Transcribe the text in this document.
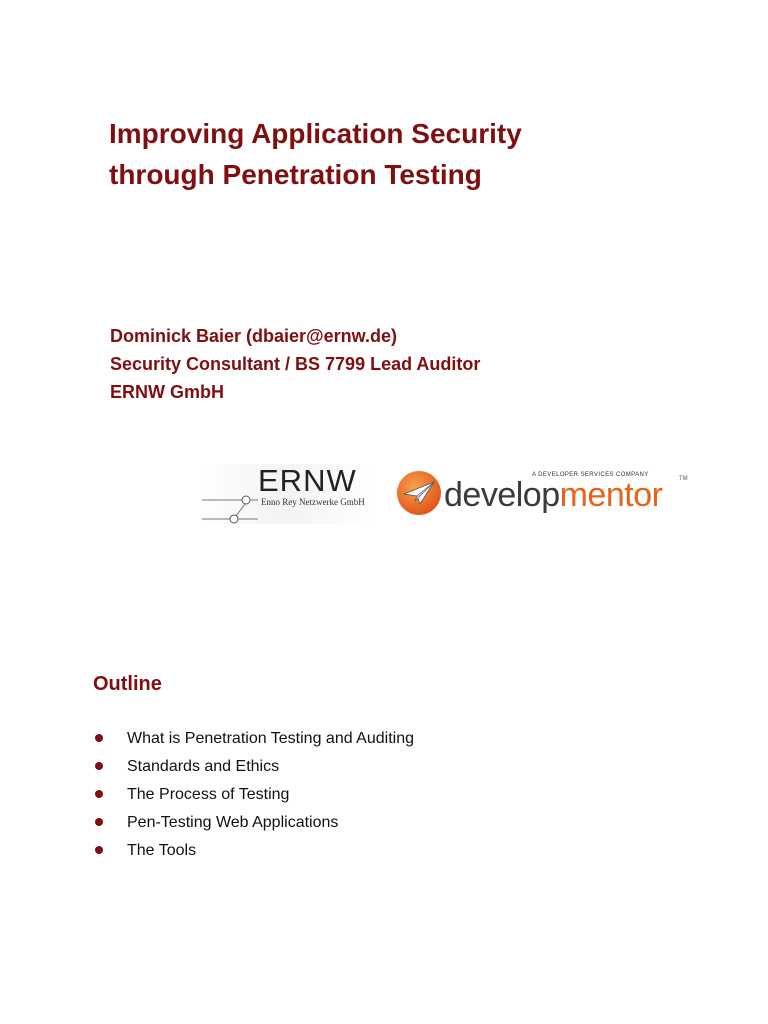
Improving Application Security
through Penetration Testing
Dominick Baier (dbaier@ernw.de)
Security Consultant / BS 7799 Lead Auditor
ERNW GmbH
ERNW
Enno Rey Netzwerke GmbH
A DEVELOPER SERVICES COMPANY
developmentor	TM
Outline
What is Penetration Testing and Auditing
Standards and Ethics
The Process of Testing
Pen-Testing Web Applications
The Tools
